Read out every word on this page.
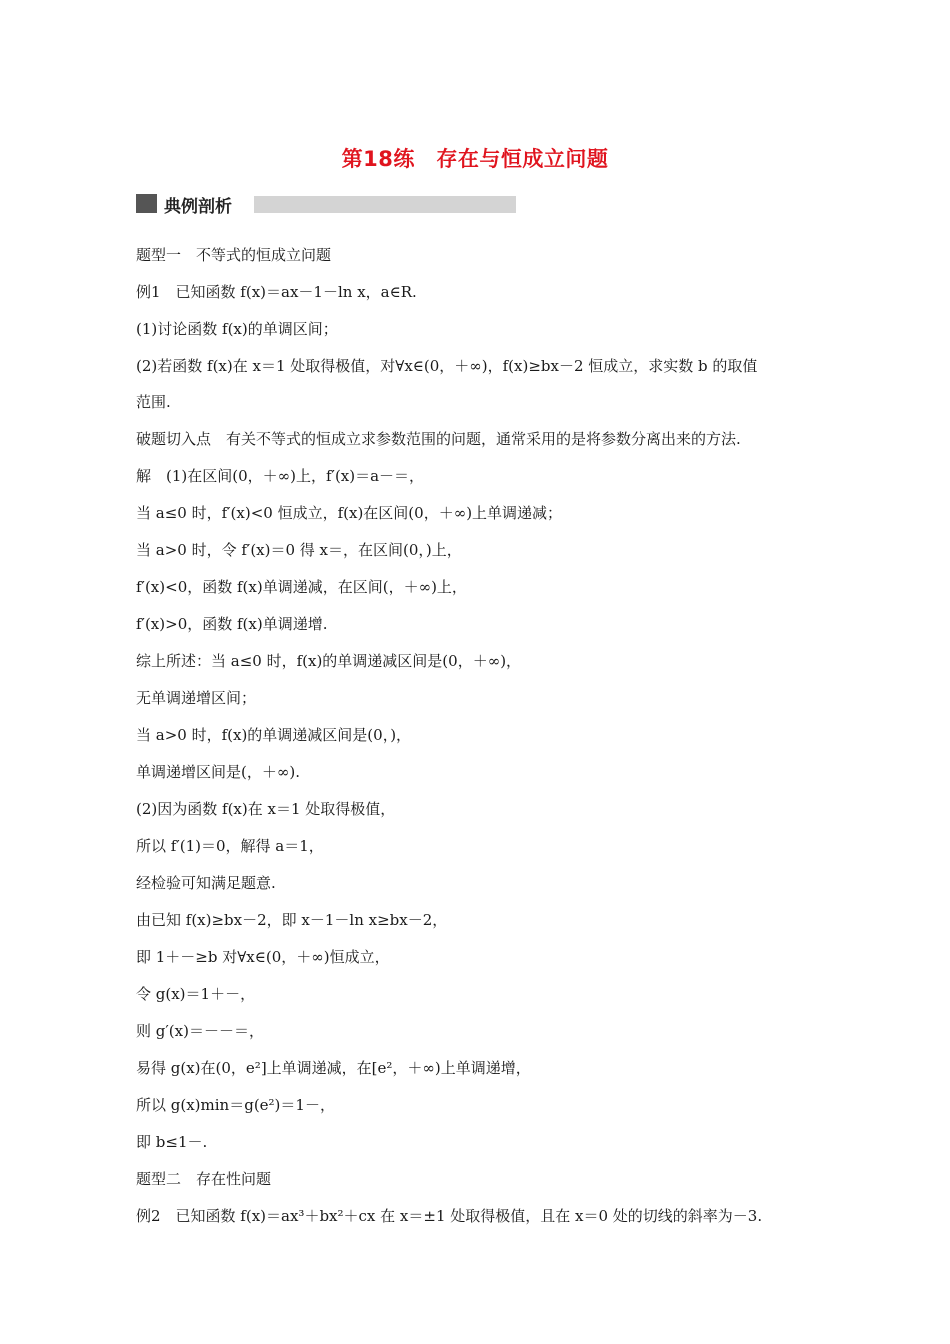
第18练　存在与恒成立问题
典例剖析
题型一　不等式的恒成立问题
例1　已知函数 f(x)＝ax－1－ln x，a∈R.
(1)讨论函数 f(x)的单调区间；
(2)若函数 f(x)在 x＝1 处取得极值，对∀x∈(0，＋∞)，f(x)≥bx－2 恒成立，求实数 b 的取值
范围.
破题切入点　有关不等式的恒成立求参数范围的问题，通常采用的是将参数分离出来的方法.
解　(1)在区间(0，＋∞)上，f′(x)＝a－＝，
当 a≤0 时，f′(x)<0 恒成立，f(x)在区间(0，＋∞)上单调递减；
当 a>0 时，令 f′(x)＝0 得 x＝，在区间(0，)上，
f′(x)<0，函数 f(x)单调递减，在区间(，＋∞)上，
f′(x)>0，函数 f(x)单调递增.
综上所述：当 a≤0 时，f(x)的单调递减区间是(0，＋∞)，
无单调递增区间；
当 a>0 时，f(x)的单调递减区间是(0，)，
单调递增区间是(，＋∞).
(2)因为函数 f(x)在 x＝1 处取得极值，
所以 f′(1)＝0，解得 a＝1，
经检验可知满足题意.
由已知 f(x)≥bx－2，即 x－1－ln x≥bx－2，
即 1＋－≥b 对∀x∈(0，＋∞)恒成立，
令 g(x)＝1＋－，
则 g′(x)＝－－＝，
易得 g(x)在(0，e²]上单调递减，在[e²，＋∞)上单调递增，
所以 g(x)min＝g(e²)＝1－，
即 b≤1－.
题型二　存在性问题
例2　已知函数 f(x)＝ax³＋bx²＋cx 在 x＝±1 处取得极值，且在 x＝0 处的切线的斜率为－3.
